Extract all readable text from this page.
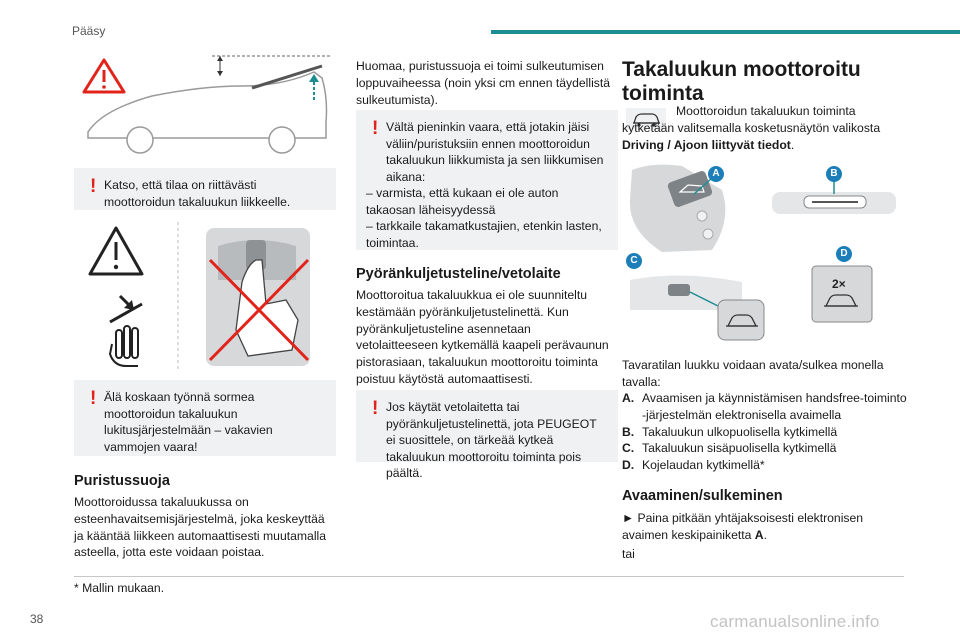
Pääsy
! Katso, että tilaa on riittävästi moottoroidun takaluukun liikkeelle.
! Älä koskaan työnnä sormea moottoroidun takaluukun lukitusjärjestelmään – vakavien vammojen vaara!
Puristussuoja
Moottoroidussa takaluukussa on esteenhavaitsemisjärjestelmä, joka keskeyttää ja kääntää liikkeen automaattisesti muutamalla asteella, jotta este voidaan poistaa.
Huomaa, puristussuoja ei toimi sulkeutumisen loppuvaiheessa (noin yksi cm ennen täydellistä sulkeutumista).
! Vältä pieninkin vaara, että jotakin jäisi väliin/puristuksiin ennen moottoroidun takaluukun liikkumista ja sen liikkumisen aikana:
– varmista, että kukaan ei ole auton takaosan läheisyydessä
– tarkkaile takamatkustajien, etenkin lasten, toimintaa.
Pyöränkuljetusteline/vetolaite
Moottoroitua takaluukkua ei ole suunniteltu kestämään pyöränkuljetustelinettä. Kun pyöränkuljetusteline asennetaan vetolaitteeseen kytkemällä kaapeli perävaunun pistorasiaan, takaluukun moottoroitu toiminta poistuu käytöstä automaattisesti.
! Jos käytät vetolaitetta tai pyöränkuljetustelinettä, jota PEUGEOT ei suosittele, on tärkeää kytkeä takaluukun moottoroitu toiminta pois päältä.
Takaluukun moottoroitu toiminta
Moottoroidun takaluukun toiminta kytketään valitsemalla kosketusnäytön valikosta Driving / Ajoon liittyvät tiedot.
2×
A	B
C
D
Tavaratilan luukku voidaan avata/sulkea monella tavalla:
A. Avaamisen ja käynnistämisen handsfree-toiminto -järjestelmän elektronisella avaimella
B. Takaluukun ulkopuolisella kytkimellä
C. Takaluukun sisäpuolisella kytkimellä
D. Kojelaudan kytkimellä*
Avaaminen/sulkeminen
► Paina pitkään yhtäjaksoisesti elektronisen avaimen keskipainiketta A.
tai
* Mallin mukaan.
38	carmanualsonline.info
